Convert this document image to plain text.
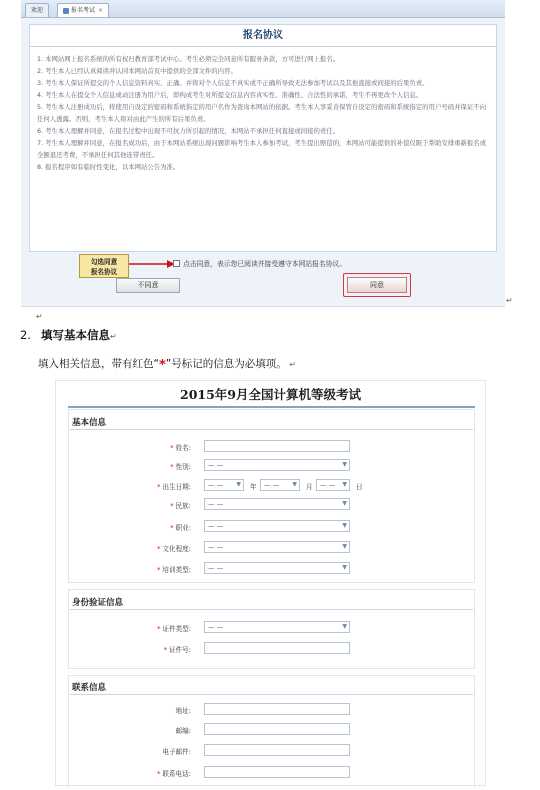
欢迎	报名考试 ×
报名协议

1. 本网站网上报名系统的所有权归教育部考试中心。考生必须完全同意所有服务条款，方可进行网上报名。

2. 考生本人已经认真阅读并认同本网站首页中提供的全部文件的内容。

3. 考生本人保证所提交的个人信息资料真实、正确。并将对个人信息不真实或不正确所导致无法参加考试以及其他直接或间接的后果负责。

4. 考生本人在提交个人信息或动注册为用户后，即构成考生对所提交信息内容真实性、准确性、合法性的承诺，考生不再更改个人信息。

5. 考生本人注册成功后，将使用自设定的密码和系统指定的用户名作为查询本网站的依据。考生本人享妥善保管自设定的密码和系统指定的用户号码并保证不向任何人透露。否则，考生本人将对由此产生的所有后果负责。

6. 考生本人理解并同意，在报名过程中出现不可抗力所引起的情况，本网站不承担任何直接或间接的责任。

7. 考生本人理解并同意，在报名成功后，由于本网站系统出现问题影响考生本人参加考试，考生提出赔偿的，本网站可能提供的补偿仅限于帮助安排重新报名或全额退还考费，不承担任何其他连带责任。

8. 报名程序如有临时性变化，以本网站公告为准。

勾选同意
报名协议
点击同意，表示您已阅读并接受遵守本网站报名协议。
不同意	同意
↵
↵
2. 填写基本信息↵
填入相关信息，带有红色“*”号标记的信息为必填项。 ↵
2015年9月全国计算机等级考试
基本信息
* 姓名:
* 性别:	— —	▼
* 出生日期:	— — ▼ 年	— — ▼ 月	— — ▼ 日
* 民族:	— —	▼
* 职业:	— —	▼
* 文化程度:	— —	▼
* 培训类型:	— —	▼
身份验证信息
* 证件类型:	— —	▼
* 证件号:
联系信息
地址:
邮编:
电子邮件:
* 联系电话:
